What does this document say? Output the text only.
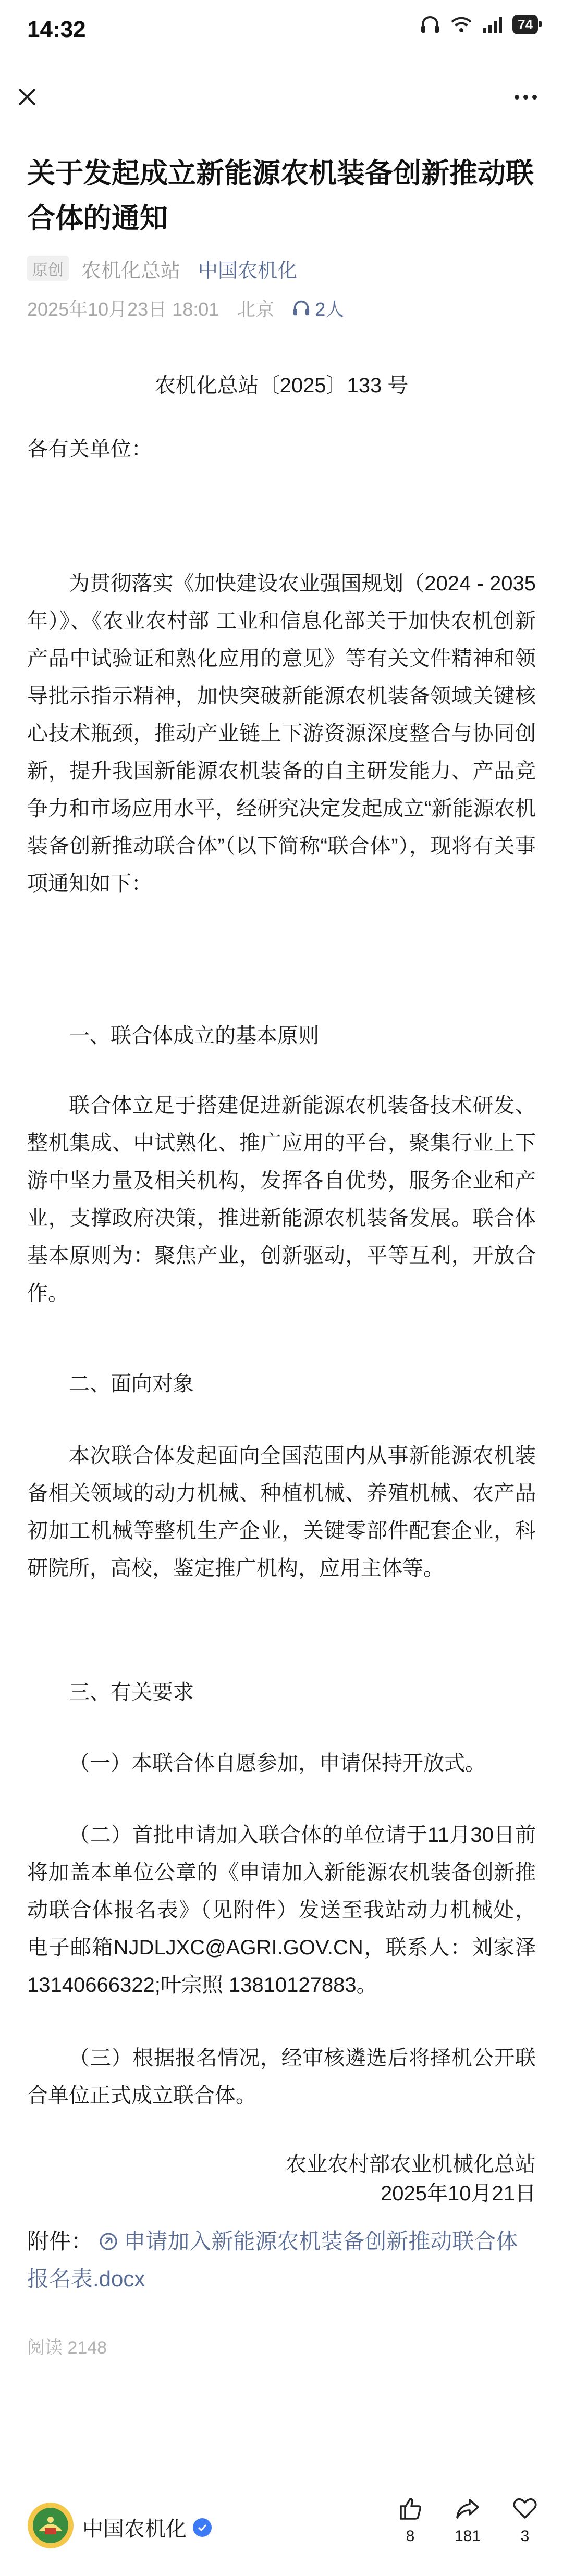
14:32	74
关于发起成立新能源农机装备创新推动联合体的通知
原创 农机化总站 中国农机化
2025年10月23日 18:01 北京 2人
农机化总站〔2025〕133 号
各有关单位：

为贯彻落实《加快建设农业强国规划（2024 - 2035年）》、《农业农村部 工业和信息化部关于加快农机创新产品中试验证和熟化应用的意见》等有关文件精神和领导批示指示精神，加快突破新能源农机装备领域关键核心技术瓶颈，推动产业链上下游资源深度整合与协同创新，提升我国新能源农机装备的自主研发能力、产品竞争力和市场应用水平，经研究决定发起成立“新能源农机装备创新推动联合体”（以下简称“联合体”），现将有关事项通知如下：

一、联合体成立的基本原则

联合体立足于搭建促进新能源农机装备技术研发、整机集成、中试熟化、推广应用的平台，聚集行业上下游中坚力量及相关机构，发挥各自优势，服务企业和产业，支撑政府决策，推进新能源农机装备发展。联合体基本原则为：聚焦产业，创新驱动，平等互利，开放合作。

二、面向对象

本次联合体发起面向全国范围内从事新能源农机装备相关领域的动力机械、种植机械、养殖机械、农产品初加工机械等整机生产企业，关键零部件配套企业，科研院所，高校，鉴定推广机构，应用主体等。

三、有关要求

（一）本联合体自愿参加，申请保持开放式。

（二）首批申请加入联合体的单位请于11月30日前将加盖本单位公章的《申请加入新能源农机装备创新推动联合体报名表》（见附件）发送至我站动力机械处，电子邮箱NJDLJXC@AGRI.GOV.CN，联系人：刘家泽 13140666322;叶宗照 13810127883。

（三）根据报名情况，经审核遴选后将择机公开联合单位正式成立联合体。

农业农村部农业机械化总站
2025年10月21日
附件： 申请加入新能源农机装备创新推动联合体报名表.docx
阅读 2148
中国农机化	8	181	3
